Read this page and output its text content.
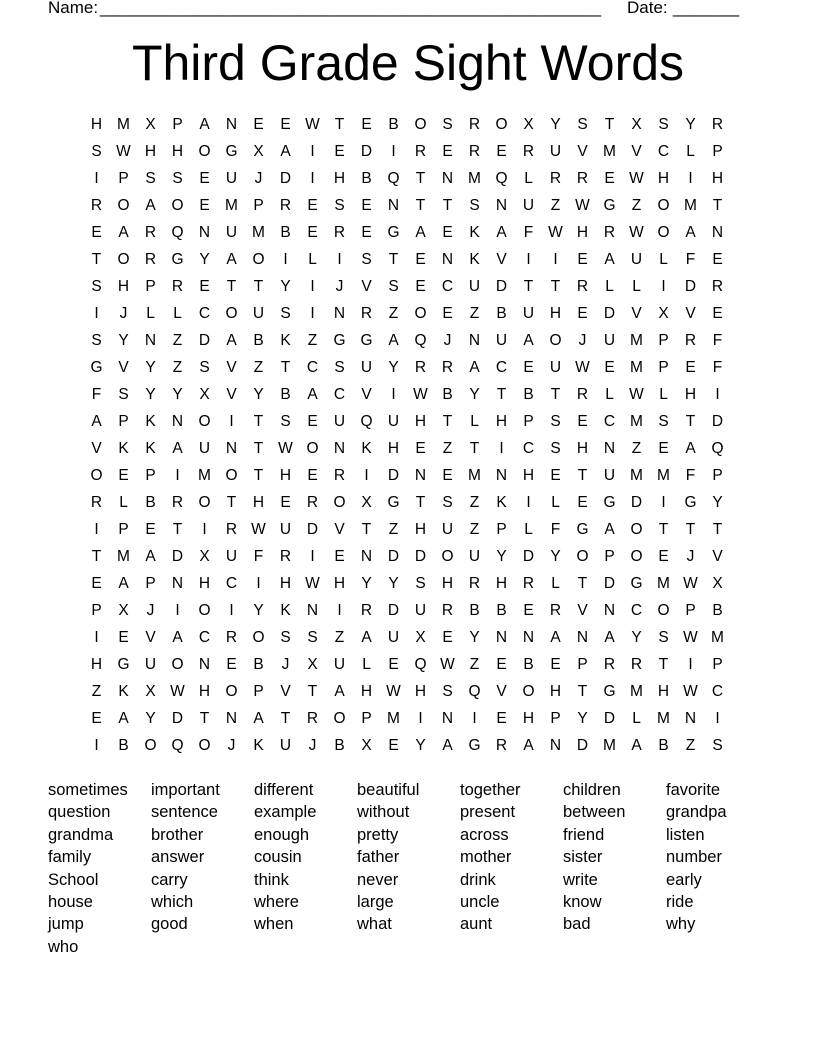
Name:

_____________________________________________________

Date:

_______

Third Grade Sight Words
H M X	P	A	N	E	E W T	E	B	O	S	R O	X	Y	S	T	X	S	Y	R
S W H	H O G	X	A	I	E	D	I	R	E	R	E	R	U	V M V	C	L	P
I	P	S	S	E	U	J	D	I	H	B	Q	T	N M Q	L	R	R	E W H	I	H
R O	A	O	E M P	R	E	S	E	N	T	T	S	N	U	Z W G	Z	O M	T
E	A	R Q N	U M B	E	R	E	G	A	E	K	A	F W H	R W O	A	N
T	O R G	Y	A	O	I	L	I	S	T	E	N	K	V	I	I	E	A	U	L	F	E
S	H	P	R	E	T	T	Y	I	J	V	S	E	C	U	D	T	T	R	L	L	I	D	R
I	J	L	L	C O U	S	I	N	R	Z	O	E	Z	B	U	H	E	D	V	X	V	E
S	Y	N	Z	D	A	B	K	Z	G G	A	Q	J	N	U	A	O	J	U M P	R	F
G	V	Y	Z	S	V	Z	T	C	S	U	Y	R	R	A	C	E	U W E M P	E	F
F	S	Y	Y	X	V	Y	B	A	C	V	I	W B	Y	T	B	T	R	L W L	H	I
A	P	K	N O	I	T	S	E	U Q U	H	T	L	H	P	S	E	C M S	T	D
V	K	K	A	U	N	T W O N	K	H	E	Z	T	I	C	S	H	N	Z	E	A	Q
O	E	P	I	M O	T	H	E	R	I	D	N	E M N	H	E	T	U M M	F	P
R	L	B	R O	T	H	E	R O	X	G	T	S	Z	K	I	L	E	G D	I	G	Y
I	P	E	T	I	R W U	D	V	T	Z	H	U	Z	P	L	F	G	A	O	T	T	T
T	M A	D	X	U	F	R	I	E	N	D	D O U	Y	D	Y	O	P	O	E	J	V
E	A	P	N	H	C	I	H W H	Y	Y	S	H	R	H	R	L	T	D G M W X
P	X	J	I	O	I	Y	K	N	I	R	D	U	R	B	B	E	R	V	N	C O	P	B
I	E	V	A	C	R O	S	S	Z	A	U	X	E	Y	N	N	A	N	A	Y	S W M
H G U O N	E	B	J	X	U	L	E	Q W Z	E	B	E	P	R	R	T	I	P
Z	K	X W H O	P	V	T	A	H W H	S	Q	V	O H	T	G M H W C
E	A	Y	D	T	N	A	T	R O	P M	I	N	I	E	H	P	Y	D	L	M N	I
I	B	O Q O	J	K	U	J	B	X	E	Y	A	G R	A	N	D M A	B	Z	S
sometimes important different	beautiful together	children	favorite
question sentence example without	present	between grandpa
grandma brother	enough	pretty	across	friend	listen
family	answer	cousin	father	mother	sister	number
School	carry	think	never	drink	write	early
house	which	where	large	uncle	know	ride
jump	good	when	what	aunt	bad	why
who
